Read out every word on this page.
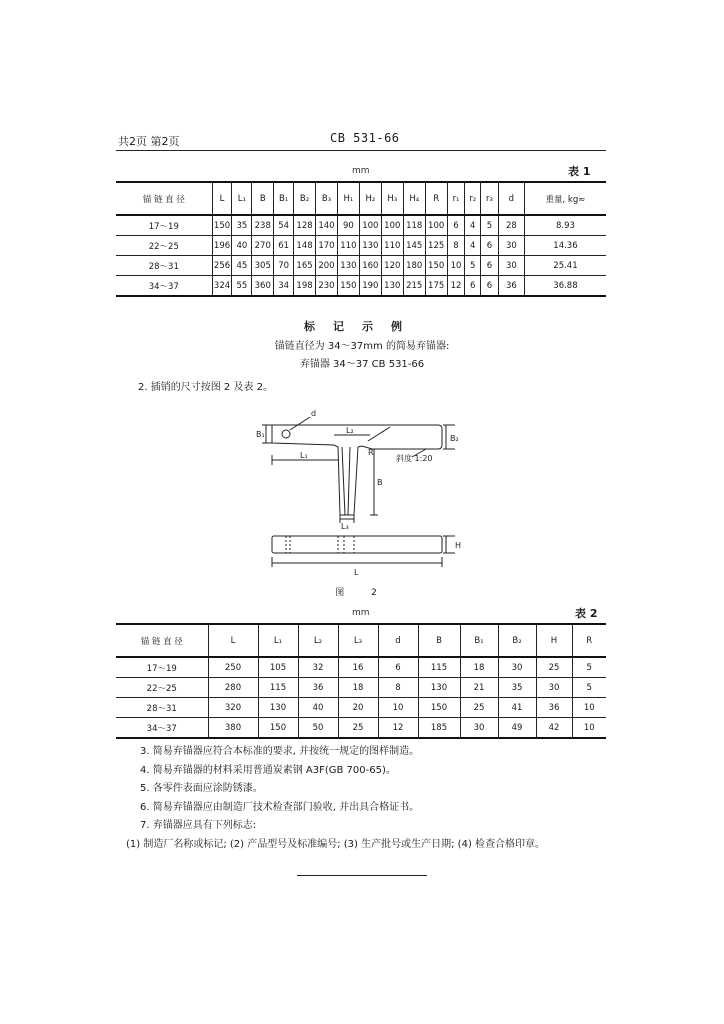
共2页 第2页	CB 531-66
mm	表 1
锚 链 直 径	L	L₁	B	B₁	B₂	B₃	H₁	H₂	H₃	H₄	R	r₁	r₂	r₃	d	重量, kg≈
17～19	150	35	238	54	128	140	90	100	100	118	100	6	4	5	28	8.93
22～25	196	40	270	61	148	170	110	130	110	145	125	8	4	6	30	14.36
28～31	256	45	305	70	165	200	130	160	120	180	150	10	5	6	30	25.41
34～37	324	55	360	34	198	230	150	190	130	215	175	12	6	6	36	36.88
标记示例
锚链直径为 34～37mm 的简易弃锚器:
弃锚器 34～37 CB 531-66
2. 插销的尺寸按图 2 及表 2。
B₁
d
L₁
L₂
R
B₂
斜度 1:20
B
L₃
H
L
图 2
mm	表 2
锚 链 直 径	L	L₁	L₂	L₃	d	B	B₁	B₂	H	R
17～19	250	105	32	16	6	115	18	30	25	5
22～25	280	115	36	18	8	130	21	35	30	5
28～31	320	130	40	20	10	150	25	41	36	10
34～37	380	150	50	25	12	185	30	49	42	10

3. 简易弃锚器应符合本标准的要求, 并按统一规定的图样制造。

4. 简易弃锚器的材料采用普通炭素钢 A3F(GB 700-65)。

5. 各零件表面应涂防锈漆。

6. 简易弃锚器应由制造厂技术检查部门验收, 并出具合格证书。

7. 弃锚器应具有下列标志:

(1) 制造厂名称或标记; (2) 产品型号及标准编号; (3) 生产批号或生产日期; (4) 检查合格印章。
